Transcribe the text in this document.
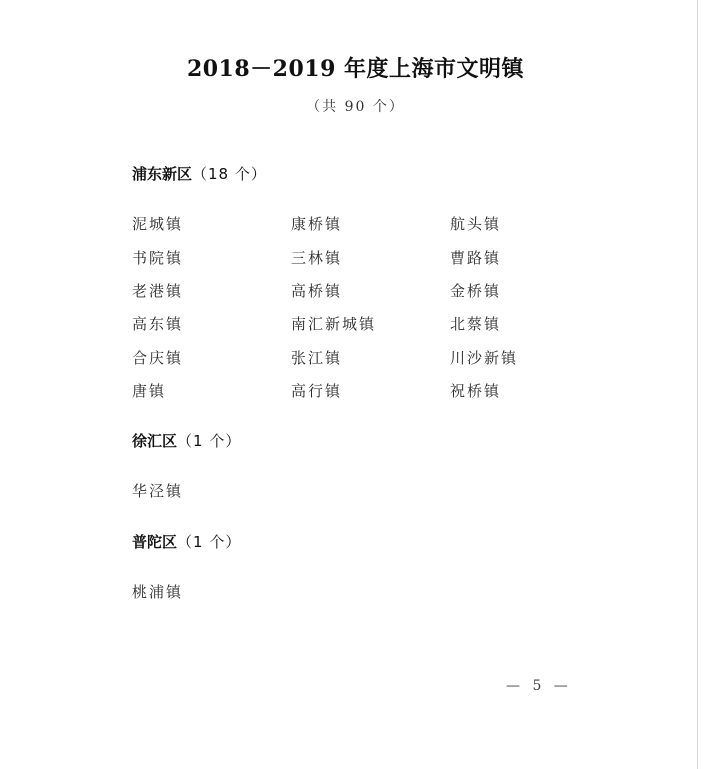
2018－2019 年度上海市文明镇
（共 90 个）
浦东新区（18 个）
泥城镇	康桥镇	航头镇
书院镇	三林镇	曹路镇
老港镇	高桥镇	金桥镇
高东镇	南汇新城镇	北蔡镇
合庆镇	张江镇	川沙新镇
唐镇	高行镇	祝桥镇
徐汇区（1 个）
华泾镇
普陀区（1 个）
桃浦镇
— 5 —
